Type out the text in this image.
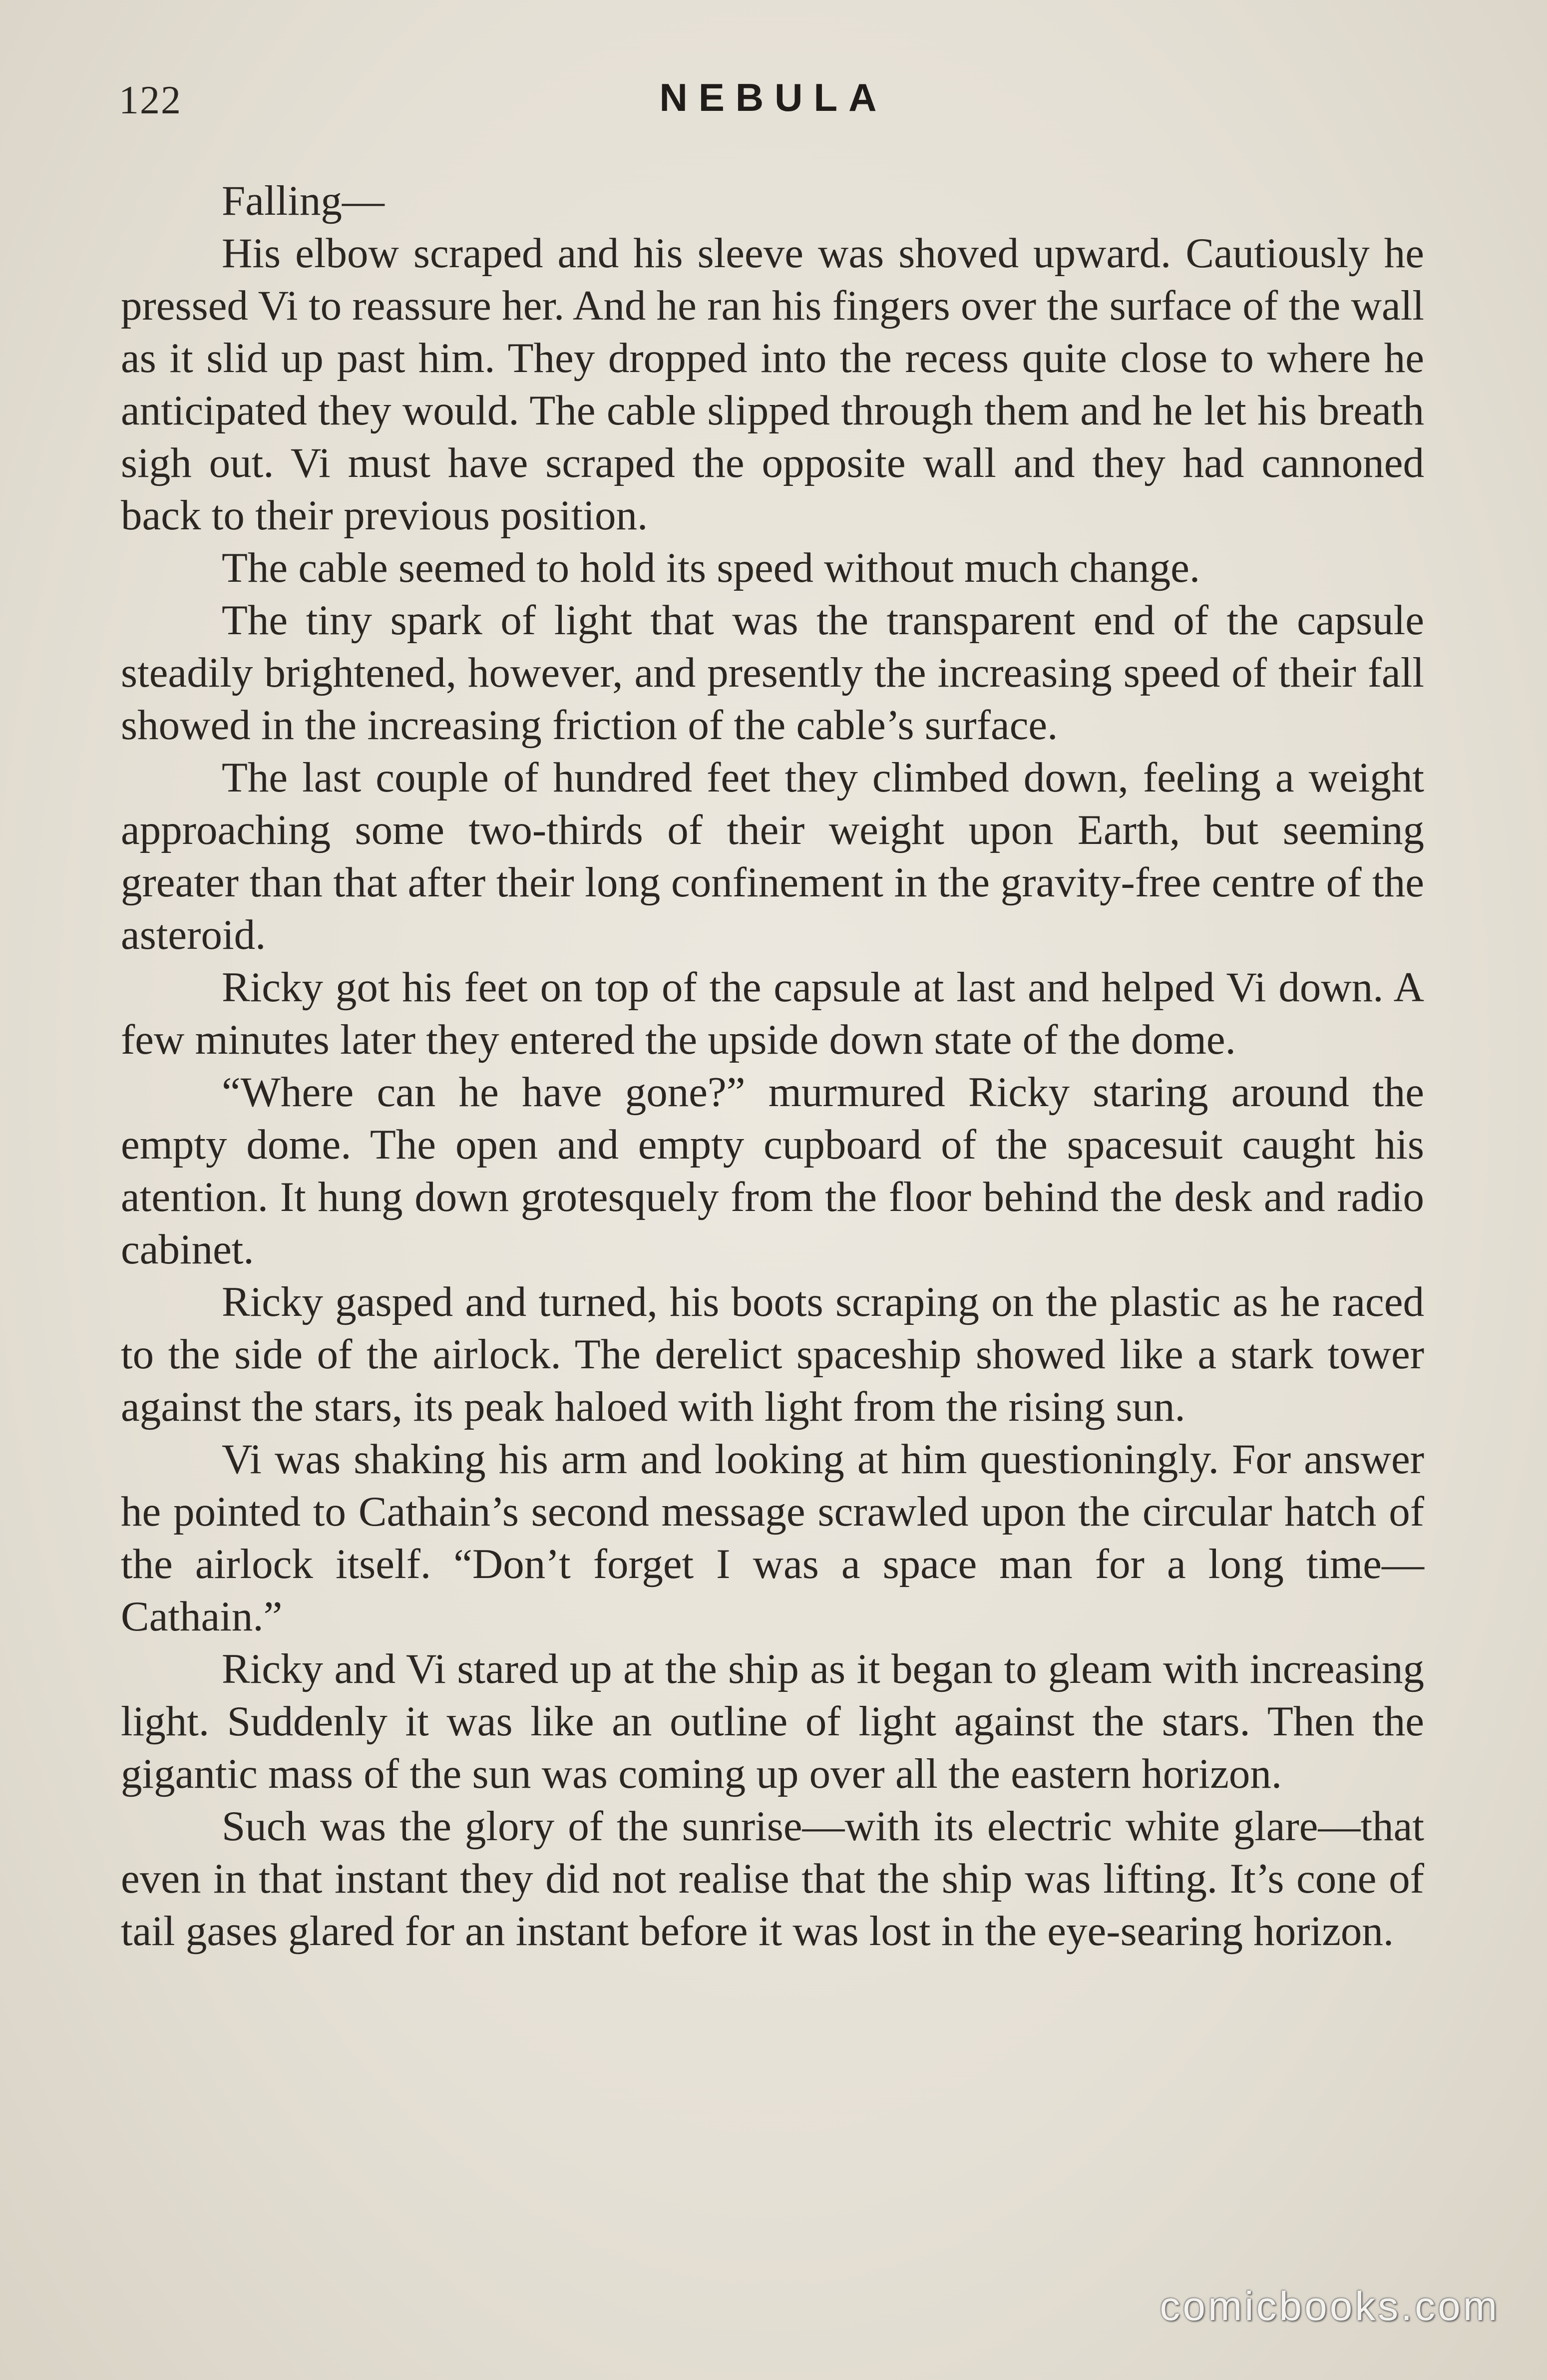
122	NEBULA

Falling—

His elbow scraped and his sleeve was shoved upward. Cautiously he pressed Vi to reassure her. And he ran his fingers over the surface of the wall as it slid up past him. They dropped into the recess quite close to where he anticipated they would. The cable slipped through them and he let his breath sigh out. Vi must have scraped the opposite wall and they had cannoned back to their previous position.

The cable seemed to hold its speed without much change.

The tiny spark of light that was the transparent end of the capsule steadily brightened, however, and presently the increasing speed of their fall showed in the increasing friction of the cable’s surface.

The last couple of hundred feet they climbed down, feeling a weight approaching some two-thirds of their weight upon Earth, but seeming greater than that after their long confinement in the gravity-free centre of the asteroid.

Ricky got his feet on top of the capsule at last and helped Vi down. A few minutes later they entered the upside down state of the dome.

“Where can he have gone?” murmured Ricky staring around the empty dome. The open and empty cupboard of the spacesuit caught his atention. It hung down grotesquely from the floor behind the desk and radio cabinet.

Ricky gasped and turned, his boots scraping on the plastic as he raced to the side of the airlock. The derelict spaceship showed like a stark tower against the stars, its peak haloed with light from the rising sun.

Vi was shaking his arm and looking at him questioningly. For answer he pointed to Cathain’s second message scrawled upon the circular hatch of the airlock itself. “Don’t forget I was a space man for a long time—Cathain.”

Ricky and Vi stared up at the ship as it began to gleam with increasing light. Suddenly it was like an outline of light against the stars. Then the gigantic mass of the sun was coming up over all the eastern horizon.

Such was the glory of the sunrise—with its electric white glare—that even in that instant they did not realise that the ship was lifting. It’s cone of tail gases glared for an instant before it was lost in the eye-searing horizon.

comicbooks.com
